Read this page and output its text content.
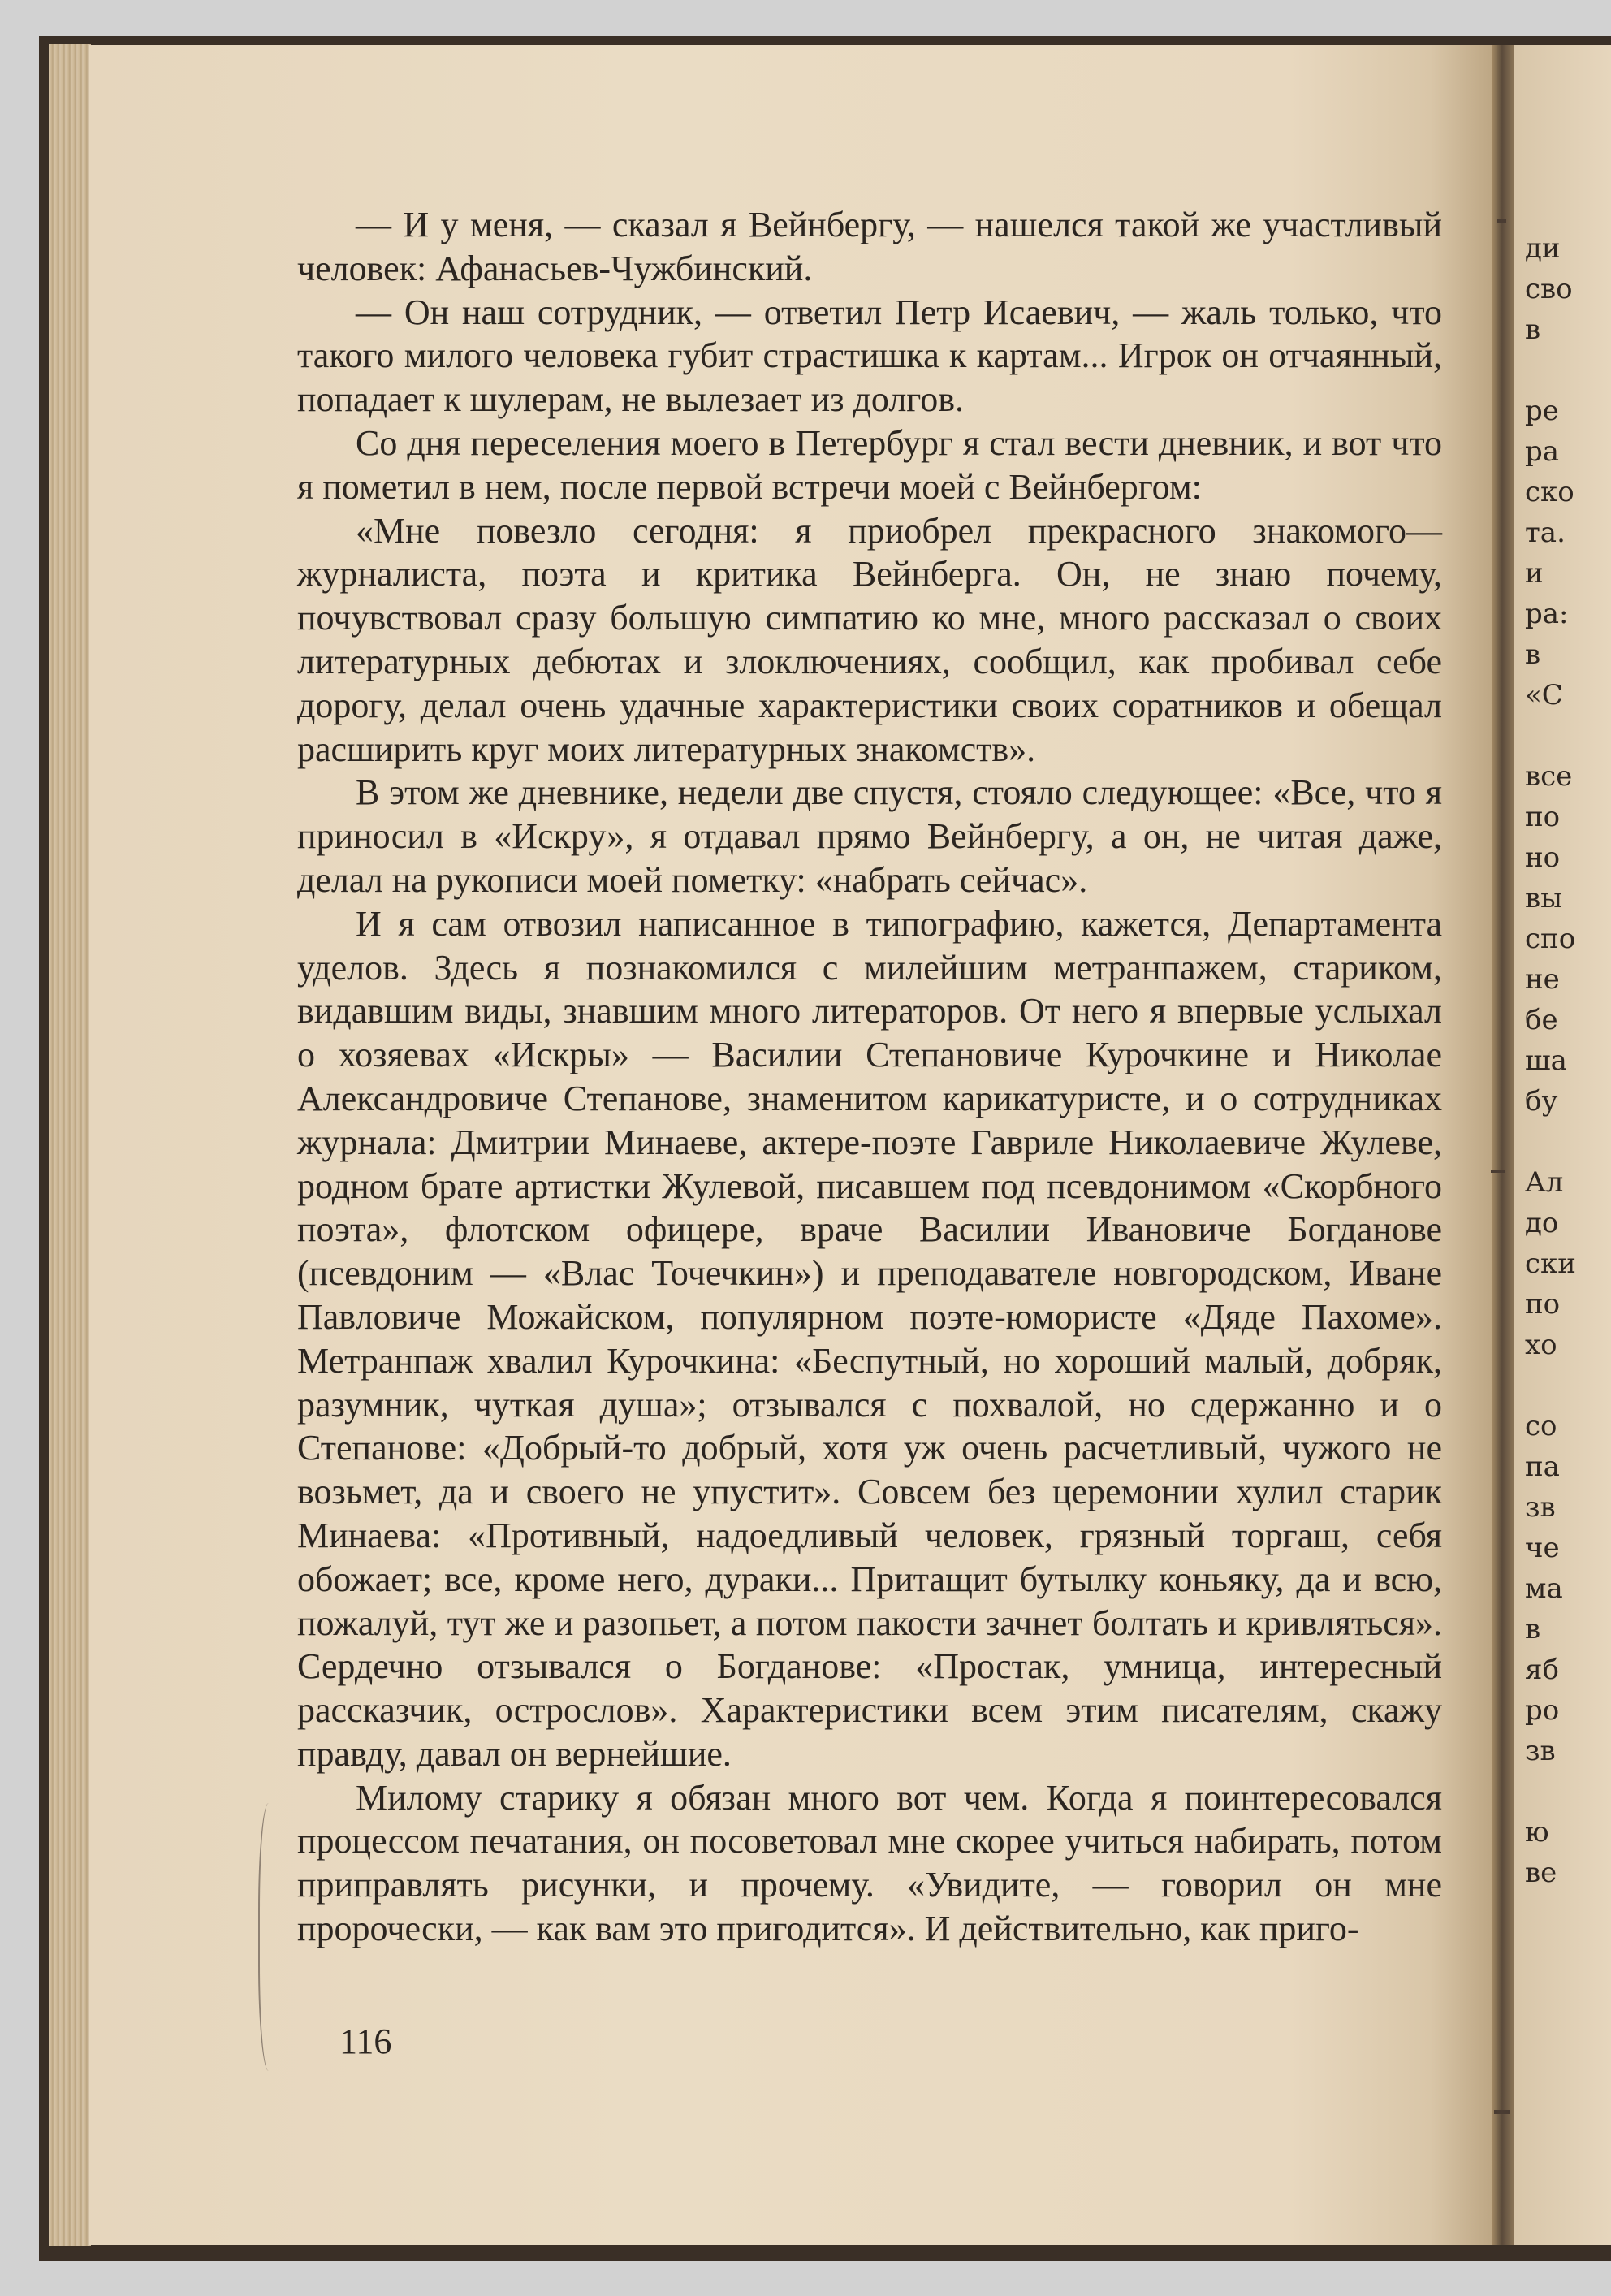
ди
сво
в
ре
ра
ско
та.
и
ра:
в
«С
все
по
но
вы
спо
не
бе
ша
бу
Ал
до
ски
по
хо
со
па
зв
че
ма
в
яб
ро
зв
ю
ве

— И у меня, — сказал я Вейнбергу, — нашелся такой же участливый человек: Афанасьев-Чужбинский.

— Он наш сотрудник, — ответил Петр Исаевич, — жаль только, что такого милого человека губит страстишка к картам... Игрок он отчаянный, попадает к шулерам, не вылезает из долгов.

Со дня переселения моего в Петербург я стал вести дневник, и вот что я пометил в нем, после первой встречи моей с Вейнбергом:

«Мне повезло сегодня: я приобрел прекрасного знакомого—журналиста, поэта и критика Вейнберга. Он, не знаю почему, почувствовал сразу большую симпатию ко мне, много рассказал о своих литературных дебютах и злоключениях, сообщил, как пробивал себе дорогу, делал очень удачные характеристики своих соратников и обещал расширить круг моих литературных знакомств».

В этом же дневнике, недели две спустя, стояло следующее: «Все, что я приносил в «Искру», я отдавал прямо Вейнбергу, а он, не читая даже, делал на рукописи моей пометку: «набрать сейчас».

И я сам отвозил написанное в типографию, кажется, Департамента уделов. Здесь я познакомился с милейшим метранпажем, стариком, видавшим виды, знавшим много литераторов. От него я впервые услыхал о хозяевах «Искры» — Василии Степановиче Курочкине и Николае Александровиче Степанове, знаменитом карикатуристе, и о сотрудниках журнала: Дмитрии Минаеве, актере-поэте Гавриле Николаевиче Жулеве, родном брате артистки Жулевой, писавшем под псевдонимом «Скорбного поэта», флотском офицере, враче Василии Ивановиче Богданове (псевдоним — «Влас Точечкин») и преподавателе новгородском, Иване Павловиче Можайском, популярном поэте-юмористе «Дяде Пахоме». Метранпаж хвалил Курочкина: «Беспутный, но хороший малый, добряк, разумник, чуткая душа»; отзывался с похвалой, но сдержанно и о Степанове: «Добрый-то добрый, хотя уж очень расчетливый, чужого не возьмет, да и своего не упустит». Совсем без церемонии хулил старик Минаева: «Противный, надоедливый человек, грязный торгаш, себя обожает; все, кроме него, дураки... Притащит бутылку коньяку, да и всю, пожалуй, тут же и разопьет, а потом пакости зачнет болтать и кривляться». Сердечно отзывался о Богданове: «Простак, умница, интересный рассказчик, острослов». Характеристики всем этим писателям, скажу правду, давал он вернейшие.

Милому старику я обязан много вот чем. Когда я поинтересовался процессом печатания, он посоветовал мне скорее учиться набирать, потом приправлять рисунки, и прочему. «Увидите, — говорил он мне пророчески, — как вам это пригодится». И действительно, как приго-

116
